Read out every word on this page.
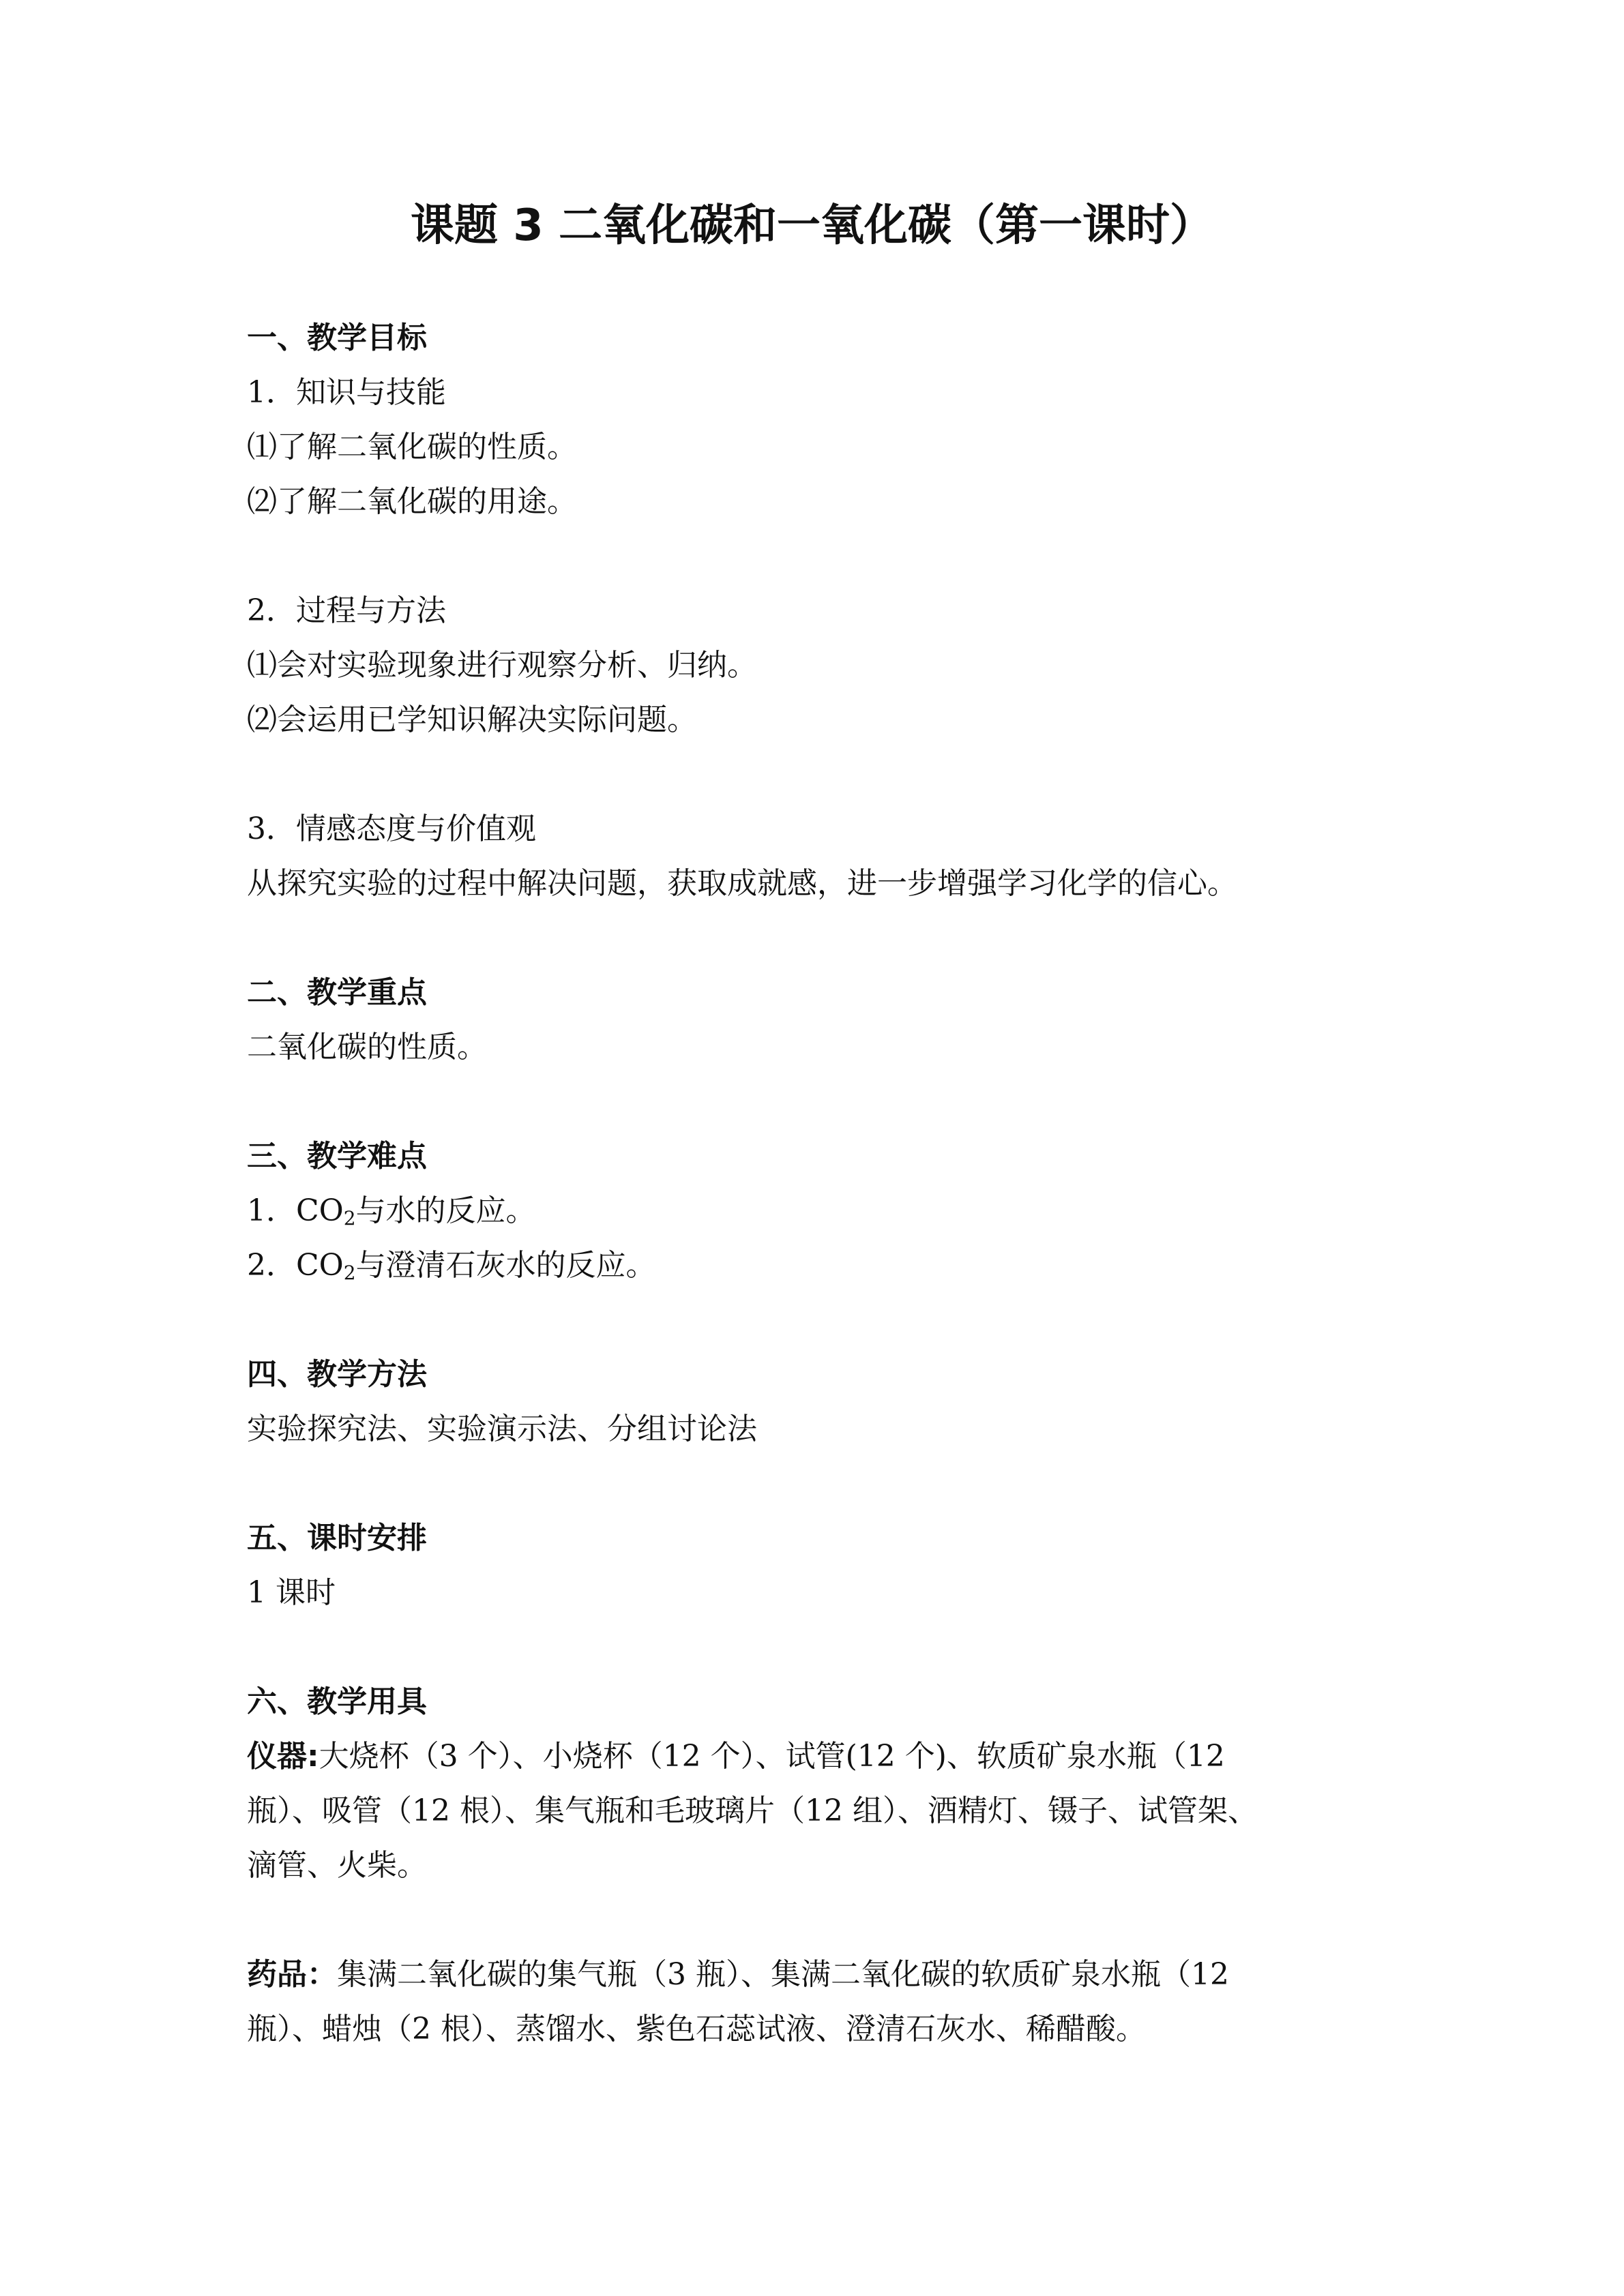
课题 3 二氧化碳和一氧化碳（第一课时）
一、教学目标
1．知识与技能
⑴了解二氧化碳的性质。
⑵了解二氧化碳的用途。
2．过程与方法
⑴会对实验现象进行观察分析、归纳。
⑵会运用已学知识解决实际问题。
3．情感态度与价值观
从探究实验的过程中解决问题，获取成就感，进一步增强学习化学的信心。
二、教学重点
二氧化碳的性质。
三、教学难点
1．$CO_2$与水的反应。
2．$CO_2$与澄清石灰水的反应。
四、教学方法
实验探究法、实验演示法、分组讨论法
五、课时安排
1 课时
六、教学用具
仪器:大烧杯（3 个）、小烧杯（12 个）、试管(12 个)、软质矿泉水瓶（12
瓶）、吸管（12 根）、集气瓶和毛玻璃片（12 组）、酒精灯、镊子、试管架、
滴管、火柴。
药品：集满二氧化碳的集气瓶（3 瓶）、集满二氧化碳的软质矿泉水瓶（12
瓶）、蜡烛（2 根）、蒸馏水、紫色石蕊试液、澄清石灰水、稀醋酸。
